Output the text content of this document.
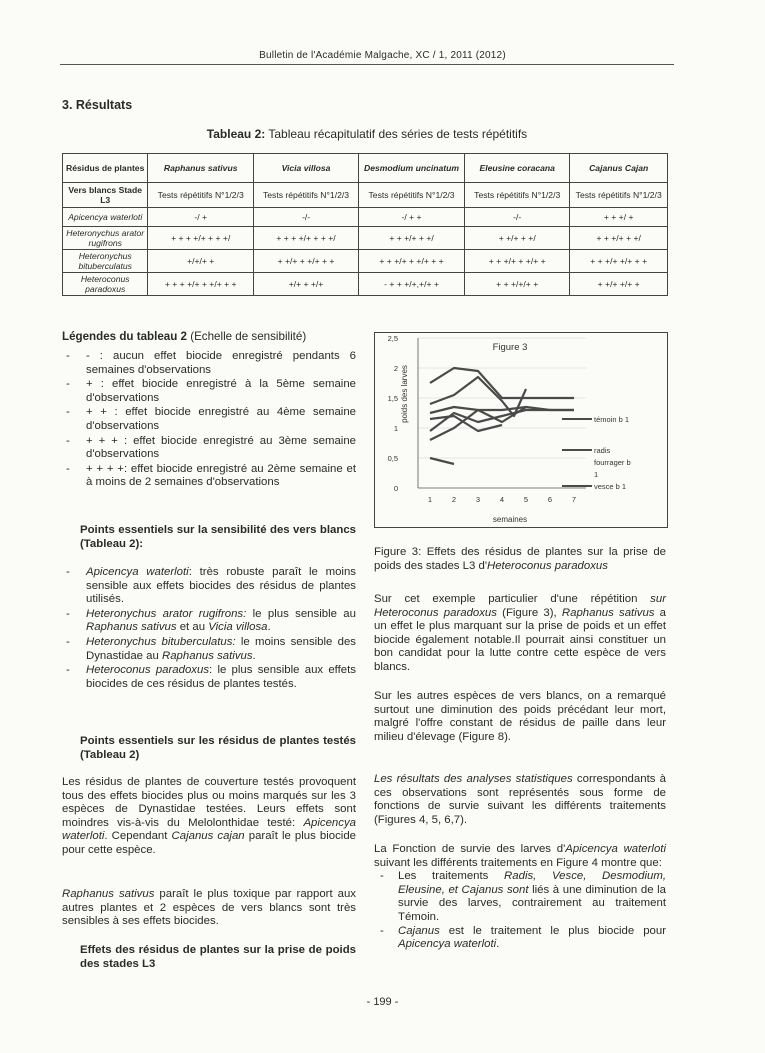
Bulletin de l'Académie Malgache, XC / 1, 2011 (2012)
3. Résultats
Tableau 2: Tableau récapitulatif des séries de tests répétitifs
Résidus de plantes	Raphanus sativus	Vicia villosa	Desmodium uncinatum	Eleusine coracana	Cajanus Cajan
Vers blancs Stade L3	Tests répétitifs N°1/2/3	Tests répétitifs N°1/2/3	Tests répétitifs N°1/2/3	Tests répétitifs N°1/2/3	Tests répétitifs N°1/2/3
Apicencya waterloti	-/ +	-/-	-/ + +	-/-	+ + +/ +
Heteronychus arator rugifrons	+ + + +/+ + + +/	+ + + +/+ + + +/	+ + +/+ + +/	+ +/+ + +/	+ + +/+ + +/
Heteronychus bituberculatus	+/+/+ +	+ +/+ + +/+ + +	+ + +/+ + +/+ + +	+ + +/+ + +/+ +	+ + +/+ +/+ + +
Heteroconus paradoxus	+ + + +/+ + +/+ + +	+/+ + +/+	- + + +/+,+/+ +	+ + +/+/+ +	+ +/+ +/+ +
Légendes du tableau 2 (Echelle de sensibilité)
- - : aucun effet biocide enregistré pendants 6 semaines d'observations
- + : effet biocide enregistré à la 5ème semaine d'observations
- + + : effet biocide enregistré au 4ème semaine d'observations
- + + + : effet biocide enregistré au 3ème semaine d'observations
- + + + +: effet biocide enregistré au 2ème semaine et à moins de 2 semaines d'observations
Points essentiels sur la sensibilité des vers blancs (Tableau 2):
- Apicencya waterloti: très robuste paraît le moins sensible aux effets biocides des résidus de plantes utilisés.
- Heteronychus arator rugifrons: le plus sensible au Raphanus sativus et au Vicia villosa.
- Heteronychus bituberculatus: le moins sensible des Dynastidae au Raphanus sativus.
- Heteroconus paradoxus: le plus sensible aux effets biocides de ces résidus de plantes testés.
Points essentiels sur les résidus de plantes testés (Tableau 2)
Les résidus de plantes de couverture testés provoquent tous des effets biocides plus ou moins marqués sur les 3 espèces de Dynastidae testées. Leurs effets sont moindres vis-à-vis du Melolonthidae testé: Apicencya waterloti. Cependant Cajanus cajan paraît le plus biocide pour cette espèce.
Raphanus sativus paraît le plus toxique par rapport aux autres plantes et 2 espèces de vers blancs sont très sensibles à ses effets biocides.
Effets des résidus de plantes sur la prise de poids des stades L3
0
0,5
1
1,5
2
2,5
1	2	3	4	5	6	7
témoin b 1
radis
fourrager b
1
vesce b 1
Figure 3
semaines
poids des larves
Figure 3: Effets des résidus de plantes sur la prise de poids des stades L3 d'Heteroconus paradoxus
Sur cet exemple particulier d'une répétition sur Heteroconus paradoxus (Figure 3), Raphanus sativus a un effet le plus marquant sur la prise de poids et un effet biocide également notable.Il pourrait ainsi constituer un bon candidat pour la lutte contre cette espèce de vers blancs.
Sur les autres espèces de vers blancs, on a remarqué surtout une diminution des poids précédant leur mort, malgré l'offre constant de résidus de paille dans leur milieu d'élevage (Figure 8).
Les résultats des analyses statistiques correspondants à ces observations sont représentés sous forme de fonctions de survie suivant les différents traitements (Figures 4, 5, 6,7).
La Fonction de survie des larves d'Apicencya waterloti suivant les différents traitements en Figure 4 montre que:
- Les traitements Radis, Vesce, Desmodium, Eleusine, et Cajanus sont liés à une diminution de la survie des larves, contrairement au traitement Témoin.
- Cajanus est le traitement le plus biocide pour Apicencya waterloti.
- 199 -
